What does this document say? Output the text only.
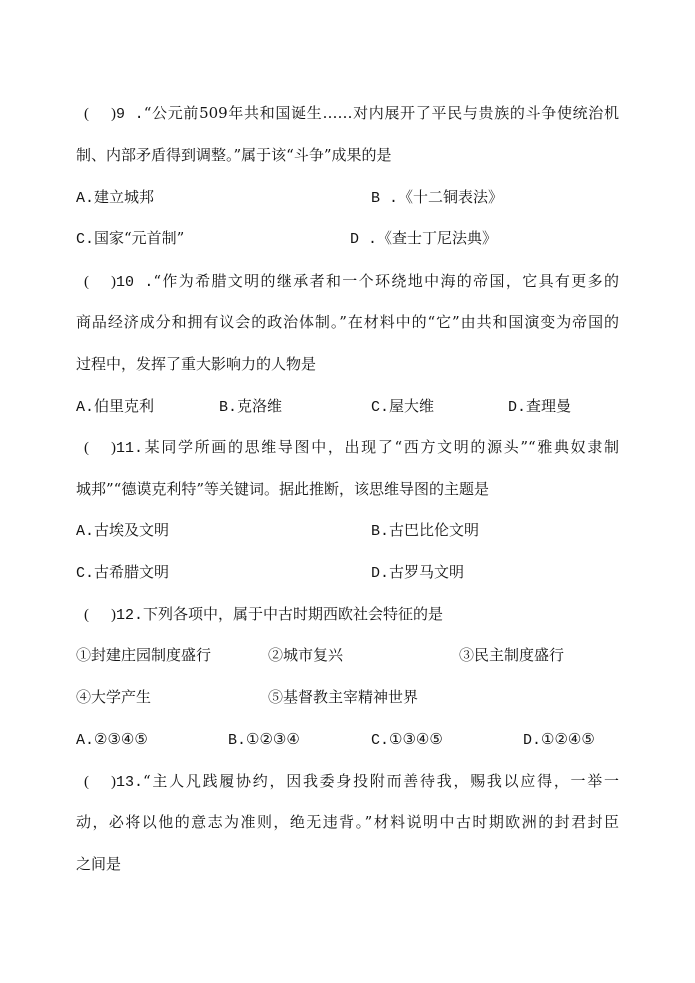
( )9 .“公元前509年共和国诞生……对内展开了平民与贵族的斗争使统治机
制、内部矛盾得到调整。”属于该“斗争”成果的是
A.建立城邦	B .《十二铜表法》
C.国家“元首制”	D .《查士丁尼法典》
( )10 .“作为希腊文明的继承者和一个环绕地中海的帝国，它具有更多的
商品经济成分和拥有议会的政治体制。”在材料中的“它”由共和国演变为帝国的
过程中，发挥了重大影响力的人物是
A.伯里克利	B.克洛维	C.屋大维	D.查理曼
( )11.某同学所画的思维导图中，出现了“西方文明的源头”“雅典奴隶制
城邦”“德谟克利特”等关键词。据此推断，该思维导图的主题是
A.古埃及文明	B.古巴比伦文明
C.古希腊文明	D.古罗马文明
( )12.下列各项中，属于中古时期西欧社会特征的是
①封建庄园制度盛行	②城市复兴	③民主制度盛行
④大学产生	⑤基督教主宰精神世界
A.②③④⑤	B.①②③④	C.①③④⑤	D.①②④⑤
( )13.“主人凡践履协约，因我委身投附而善待我，赐我以应得，一举一
动，必将以他的意志为准则，绝无违背。”材料说明中古时期欧洲的封君封臣
之间是
